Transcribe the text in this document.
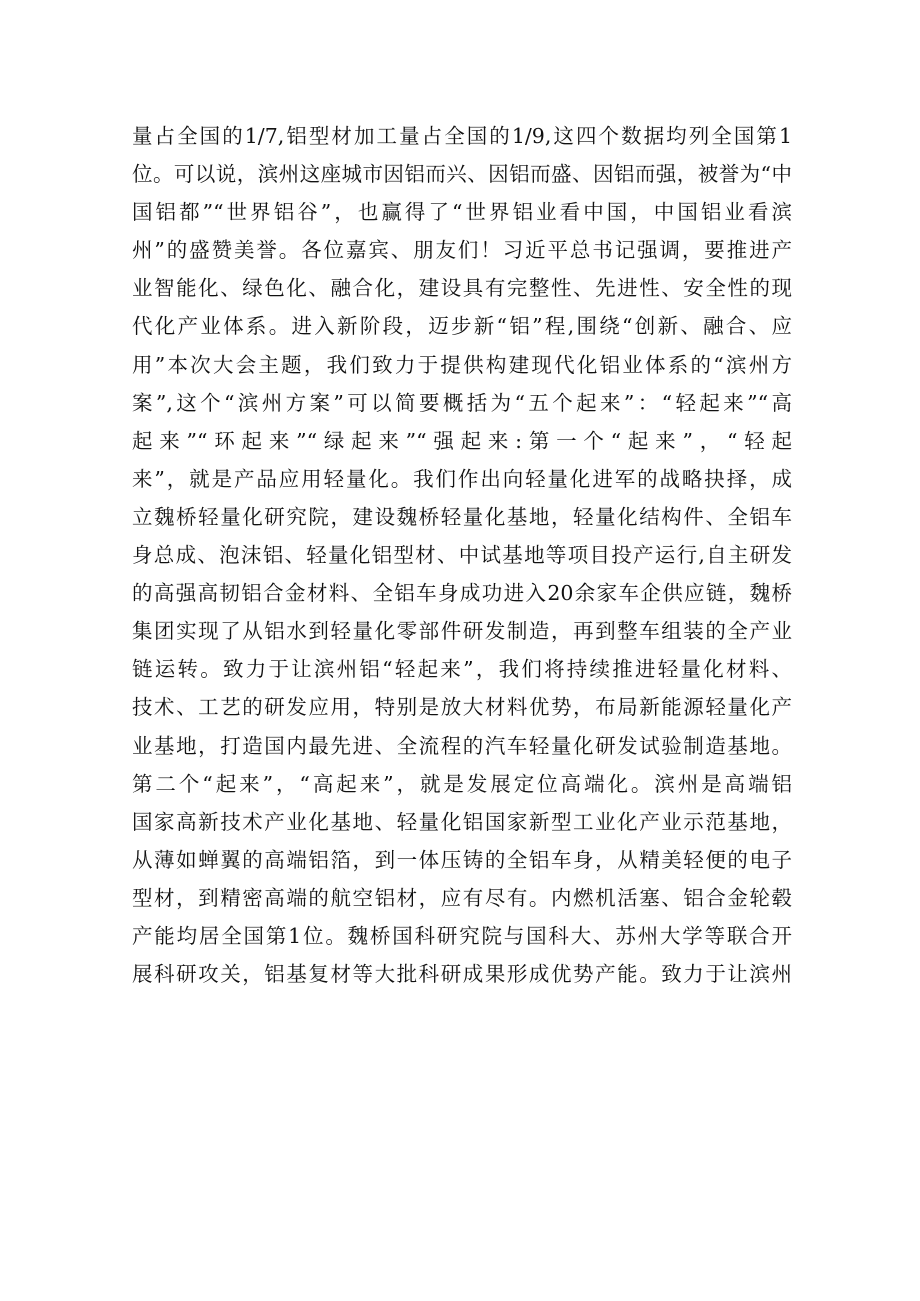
量占全国的1/7,铝型材加工量占全国的1/9,这四个数据均列全国第1
位。可以说，滨州这座城市因铝而兴、因铝而盛、因铝而强，被誉为“中
国铝都”“世界铝谷”，也赢得了“世界铝业看中国，中国铝业看滨
州”的盛赞美誉。各位嘉宾、朋友们！习近平总书记强调，要推进产
业智能化、绿色化、融合化，建设具有完整性、先进性、安全性的现
代化产业体系。进入新阶段，迈步新“铝”程,围绕“创新、融合、应
用”本次大会主题，我们致力于提供构建现代化铝业体系的“滨州方
案”,这个“滨州方案”可以简要概括为“五个起来”：“轻起来”“高
起来”“环起来”“绿起来”“强起来:第一个“起来”，“轻起
来”，就是产品应用轻量化。我们作出向轻量化进军的战略抉择，成
立魏桥轻量化研究院，建设魏桥轻量化基地，轻量化结构件、全铝车
身总成、泡沫铝、轻量化铝型材、中试基地等项目投产运行,自主研发
的高强高韧铝合金材料、全铝车身成功进入20余家车企供应链，魏桥
集团实现了从铝水到轻量化零部件研发制造，再到整车组装的全产业
链运转。致力于让滨州铝“轻起来”，我们将持续推进轻量化材料、
技术、工艺的研发应用，特别是放大材料优势，布局新能源轻量化产
业基地，打造国内最先进、全流程的汽车轻量化研发试验制造基地。
第二个“起来”，“高起来”，就是发展定位高端化。滨州是高端铝
国家高新技术产业化基地、轻量化铝国家新型工业化产业示范基地，
从薄如蝉翼的高端铝箔，到一体压铸的全铝车身，从精美轻便的电子
型材，到精密高端的航空铝材，应有尽有。内燃机活塞、铝合金轮毂
产能均居全国第1位。魏桥国科研究院与国科大、苏州大学等联合开
展科研攻关，铝基复材等大批科研成果形成优势产能。致力于让滨州
